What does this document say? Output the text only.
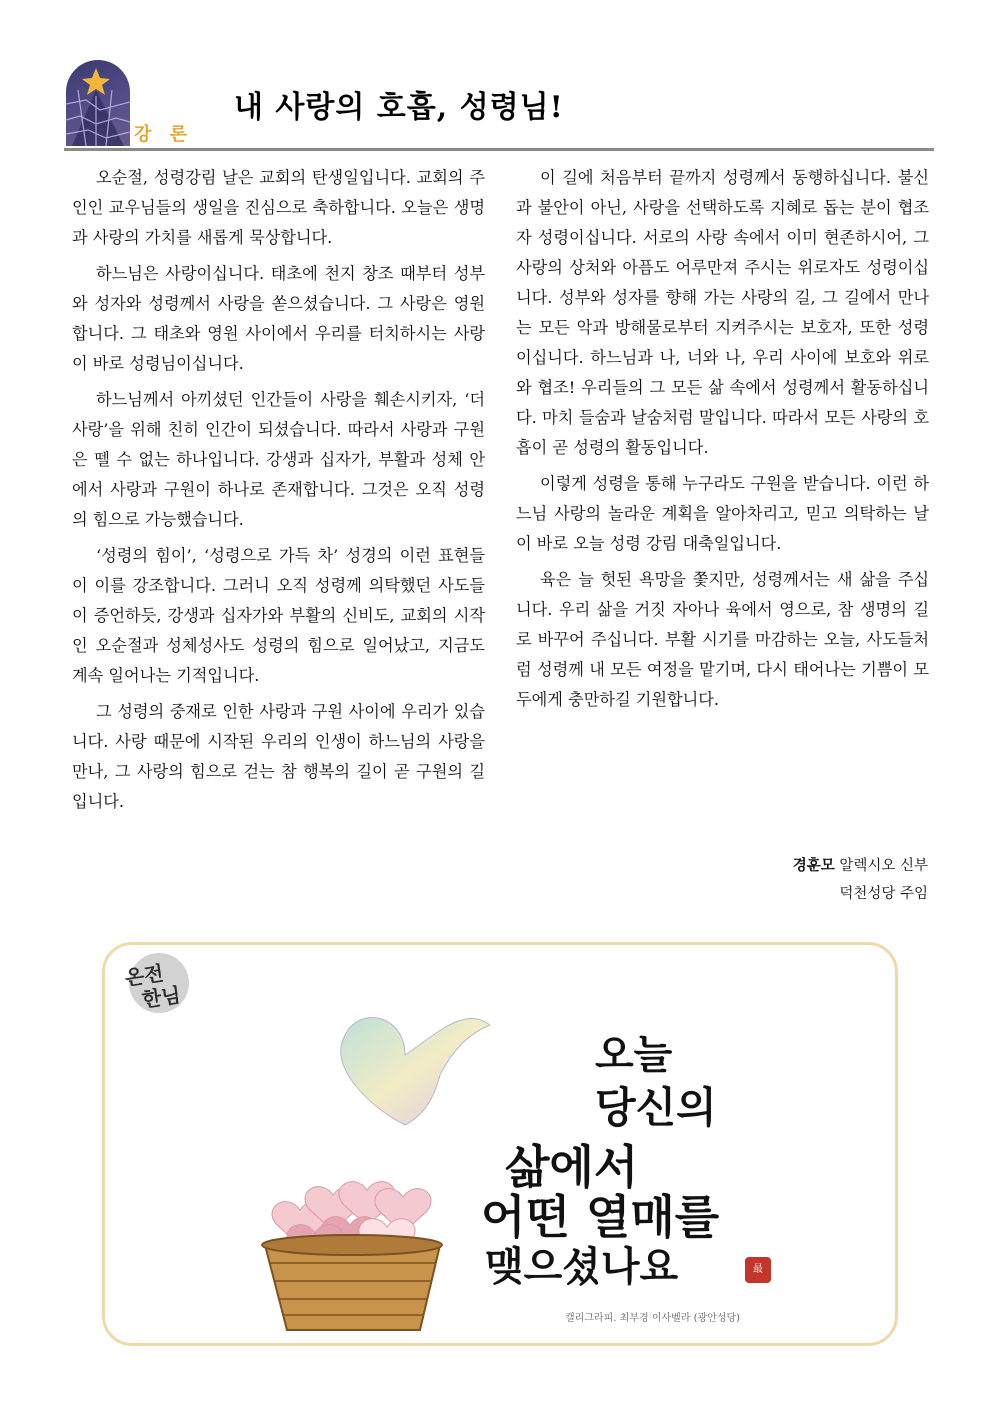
강 론
내 사랑의 호흡, 성령님!

오순절, 성령강림 날은 교회의 탄생일입니다. 교회의 주인인 교우님들의 생일을 진심으로 축하합니다. 오늘은 생명과 사랑의 가치를 새롭게 묵상합니다.

하느님은 사랑이십니다. 태초에 천지 창조 때부터 성부와 성자와 성령께서 사랑을 쏟으셨습니다. 그 사랑은 영원합니다. 그 태초와 영원 사이에서 우리를 터치하시는 사랑이 바로 성령님이십니다.

하느님께서 아끼셨던 인간들이 사랑을 훼손시키자, ‘더 사랑’을 위해 친히 인간이 되셨습니다. 따라서 사랑과 구원은 뗄 수 없는 하나입니다. 강생과 십자가, 부활과 성체 안에서 사랑과 구원이 하나로 존재합니다. 그것은 오직 성령의 힘으로 가능했습니다.

‘성령의 힘이’, ‘성령으로 가득 차’ 성경의 이런 표현들이 이를 강조합니다. 그러니 오직 성령께 의탁했던 사도들이 증언하듯, 강생과 십자가와 부활의 신비도, 교회의 시작인 오순절과 성체성사도 성령의 힘으로 일어났고, 지금도 계속 일어나는 기적입니다.

그 성령의 중재로 인한 사랑과 구원 사이에 우리가 있습니다. 사랑 때문에 시작된 우리의 인생이 하느님의 사랑을 만나, 그 사랑의 힘으로 걷는 참 행복의 길이 곧 구원의 길입니다.

이 길에 처음부터 끝까지 성령께서 동행하십니다. 불신과 불안이 아닌, 사랑을 선택하도록 지혜로 돕는 분이 협조자 성령이십니다. 서로의 사랑 속에서 이미 현존하시어, 그 사랑의 상처와 아픔도 어루만져 주시는 위로자도 성령이십니다. 성부와 성자를 향해 가는 사랑의 길, 그 길에서 만나는 모든 악과 방해물로부터 지켜주시는 보호자, 또한 성령이십니다. 하느님과 나, 너와 나, 우리 사이에 보호와 위로와 협조! 우리들의 그 모든 삶 속에서 성령께서 활동하십니다. 마치 들숨과 날숨처럼 말입니다. 따라서 모든 사랑의 호흡이 곧 성령의 활동입니다.

이렇게 성령을 통해 누구라도 구원을 받습니다. 이런 하느님 사랑의 놀라운 계획을 알아차리고, 믿고 의탁하는 날이 바로 오늘 성령 강림 대축일입니다.

육은 늘 헛된 욕망을 쫓지만, 성령께서는 새 삶을 주십니다. 우리 삶을 거짓 자아나 육에서 영으로, 참 생명의 길로 바꾸어 주십니다. 부활 시기를 마감하는 오늘, 사도들처럼 성령께 내 모든 여정을 맡기며, 다시 태어나는 기쁨이 모두에게 충만하길 기원합니다.

경훈모 알렉시오 신부
덕천성당 주임
온전
한님
오늘
당신의
삶에서
어떤 열매를
맺으셨나요	最
캘리그라피. 최부경 이사벨라 (광안성당)
